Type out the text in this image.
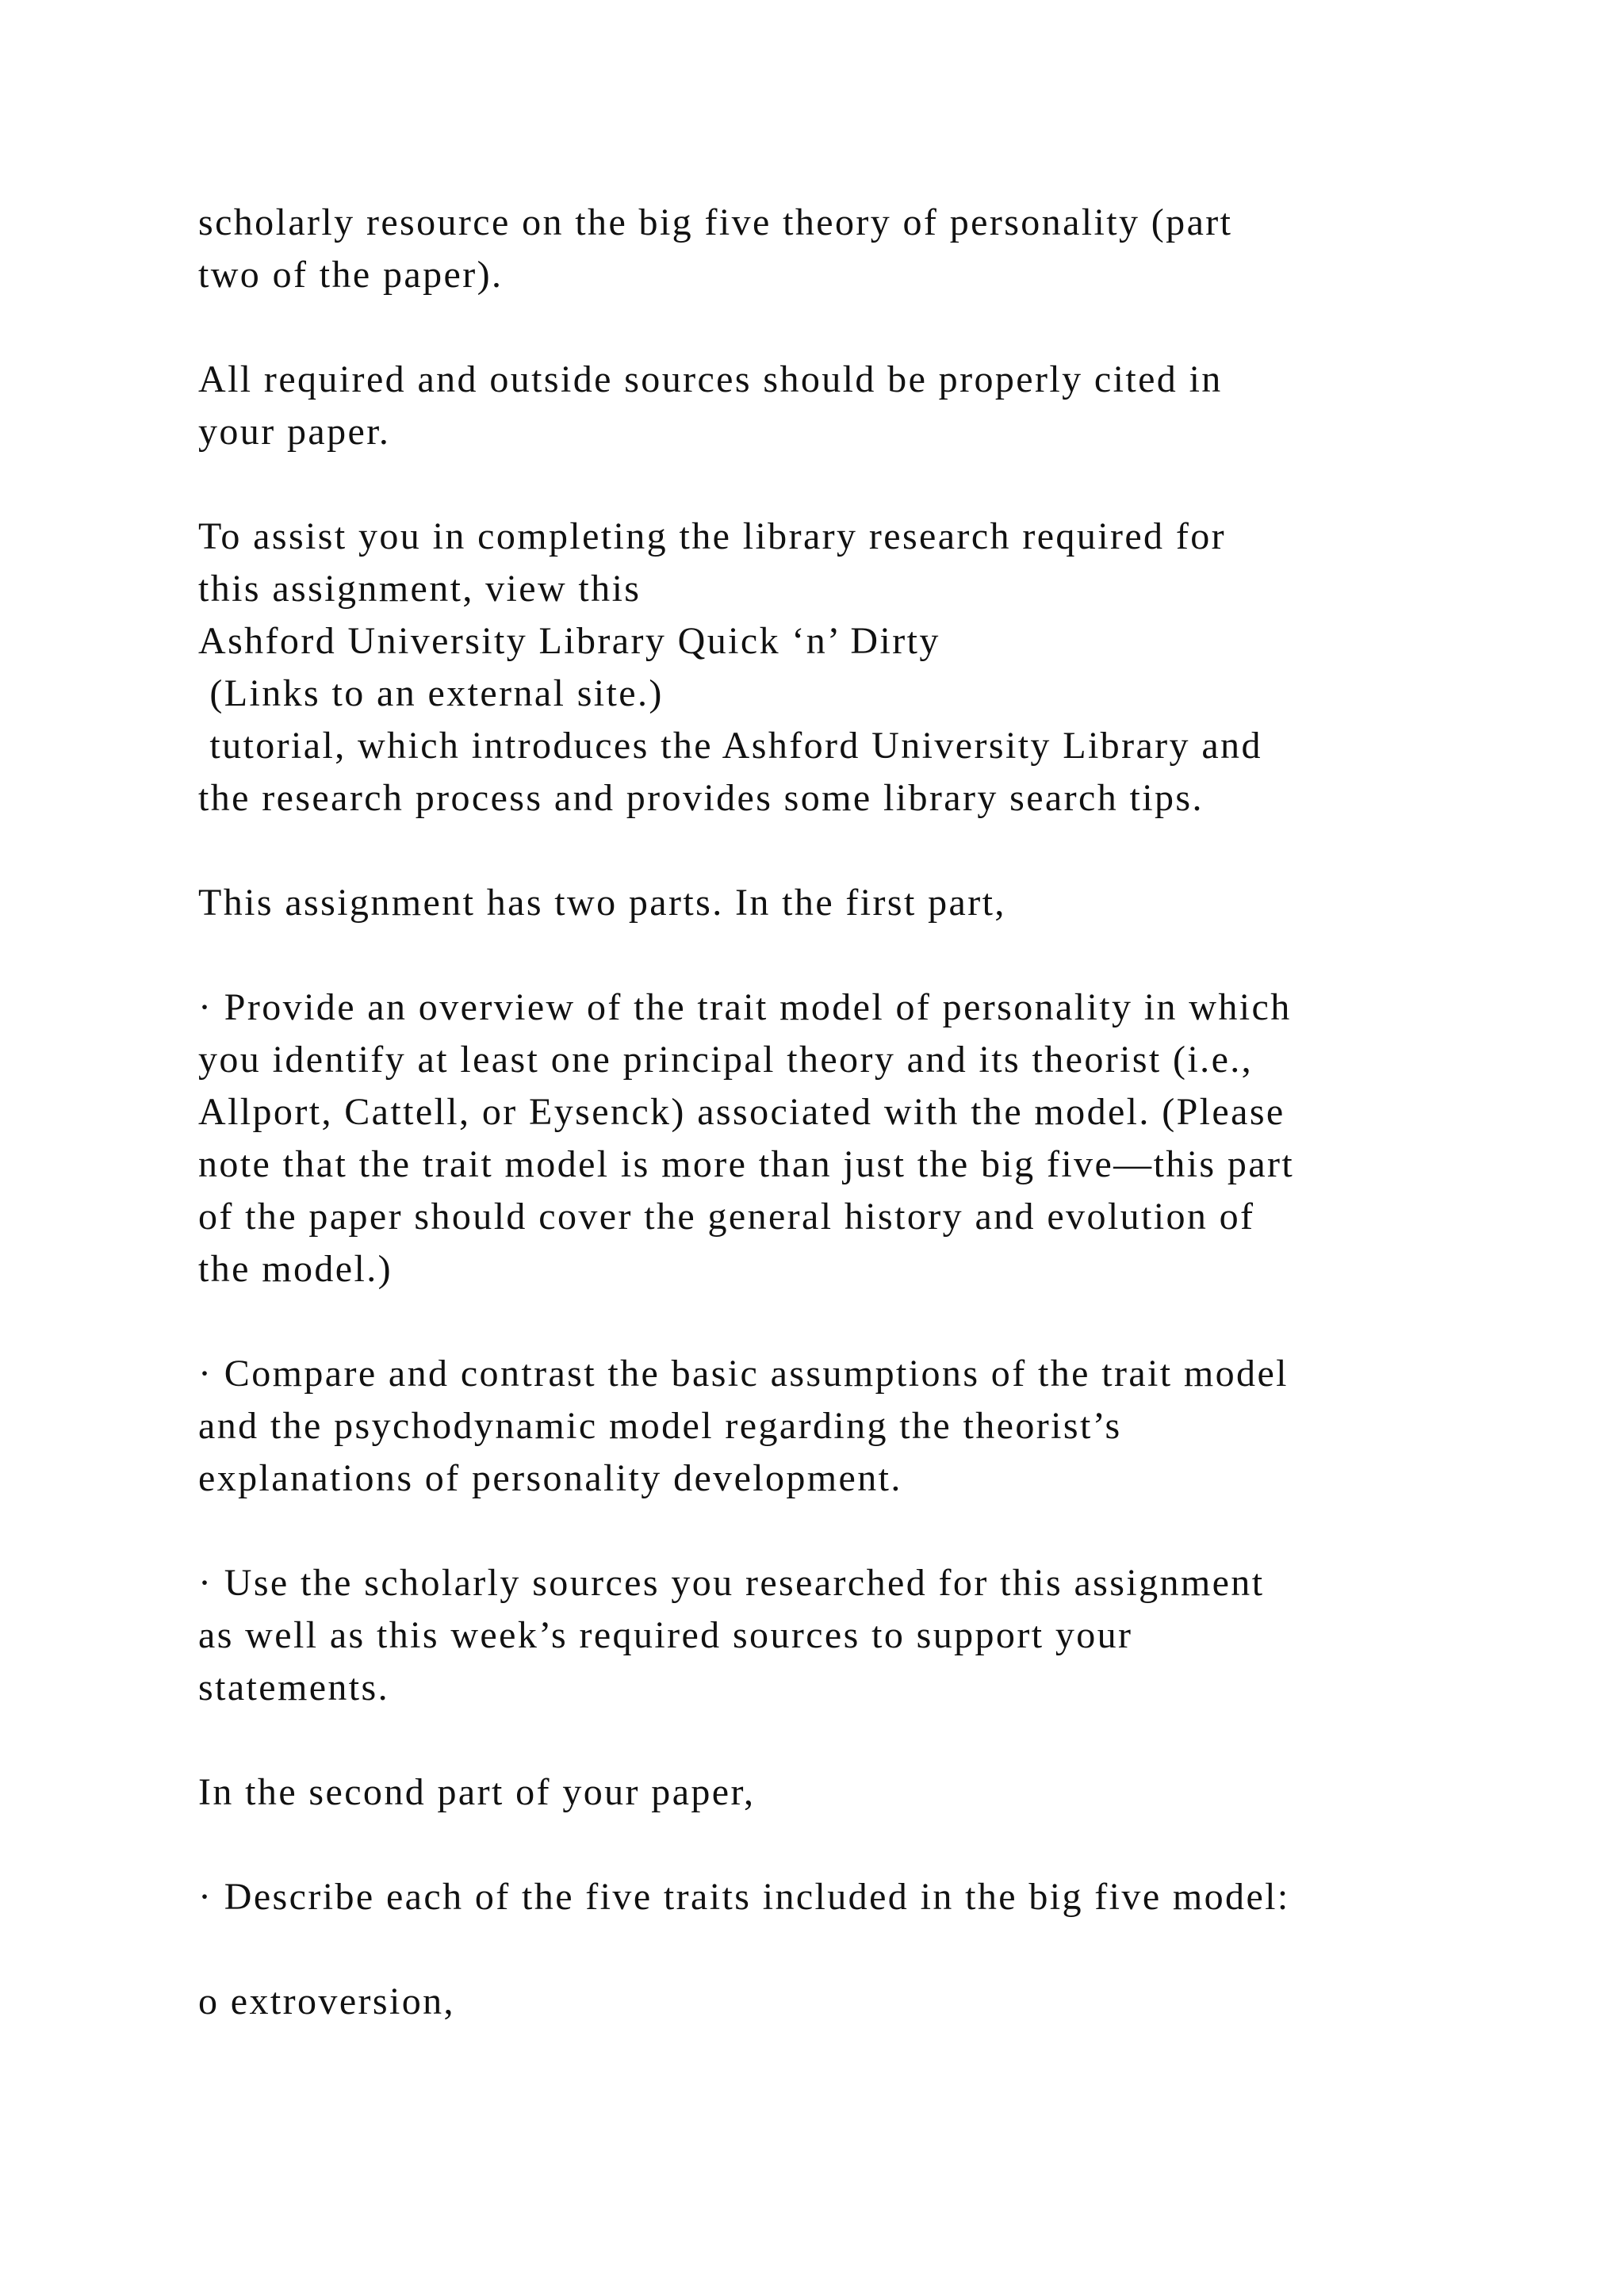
scholarly resource on the big five theory of personality (part
two of the paper).
All required and outside sources should be properly cited in
your paper.
To assist you in completing the library research required for
this assignment, view this
Ashford University Library Quick ‘n’ Dirty
(Links to an external site.)
tutorial, which introduces the Ashford University Library and
the research process and provides some library search tips.
This assignment has two parts. In the first part,
· Provide an overview of the trait model of personality in which
you identify at least one principal theory and its theorist (i.e.,
Allport, Cattell, or Eysenck) associated with the model. (Please
note that the trait model is more than just the big five—this part
of the paper should cover the general history and evolution of
the model.)
· Compare and contrast the basic assumptions of the trait model
and the psychodynamic model regarding the theorist’s
explanations of personality development.
· Use the scholarly sources you researched for this assignment
as well as this week’s required sources to support your
statements.
In the second part of your paper,
· Describe each of the five traits included in the big five model:
o extroversion,
